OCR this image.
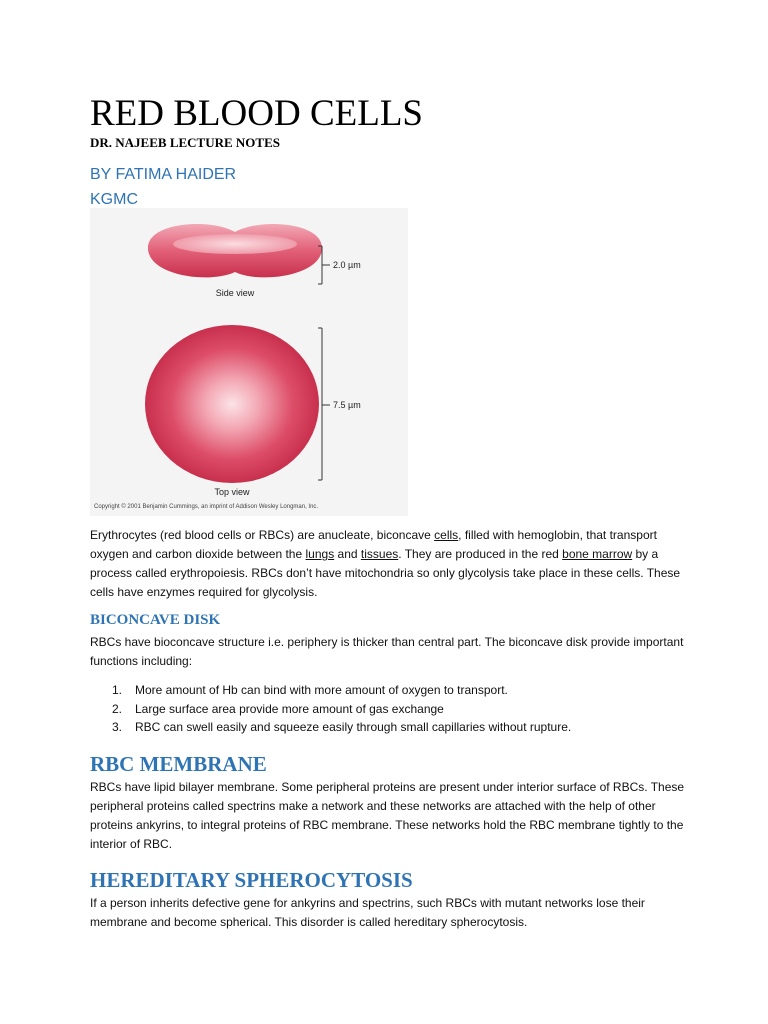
RED BLOOD CELLS
DR. NAJEEB LECTURE NOTES
BY FATIMA HAIDER
KGMC
2.0 µm
Side view
7.5 µm
Top view
Copyright © 2001 Benjamin Cummings, an imprint of Addison Wesley Longman, Inc.

Erythrocytes (red blood cells or RBCs) are anucleate, biconcave cells, filled with hemoglobin, that transport oxygen and carbon dioxide between the lungs and tissues. They are produced in the red bone marrow by a process called erythropoiesis. RBCs don’t have mitochondria so only glycolysis take place in these cells. These cells have enzymes required for glycolysis.

BICONCAVE DISK

RBCs have bioconcave structure i.e. periphery is thicker than central part. The biconcave disk provide important functions including:

1.	More amount of Hb can bind with more amount of oxygen to transport.
2.	Large surface area provide more amount of gas exchange
3.	RBC can swell easily and squeeze easily through small capillaries without rupture.
RBC MEMBRANE

RBCs have lipid bilayer membrane. Some peripheral proteins are present under interior surface of RBCs. These peripheral proteins called spectrins make a network and these networks are attached with the help of other proteins ankyrins, to integral proteins of RBC membrane. These networks hold the RBC membrane tightly to the interior of RBC.

HEREDITARY SPHEROCYTOSIS

If a person inherits defective gene for ankyrins and spectrins, such RBCs with mutant networks lose their membrane and become spherical. This disorder is called hereditary spherocytosis.
